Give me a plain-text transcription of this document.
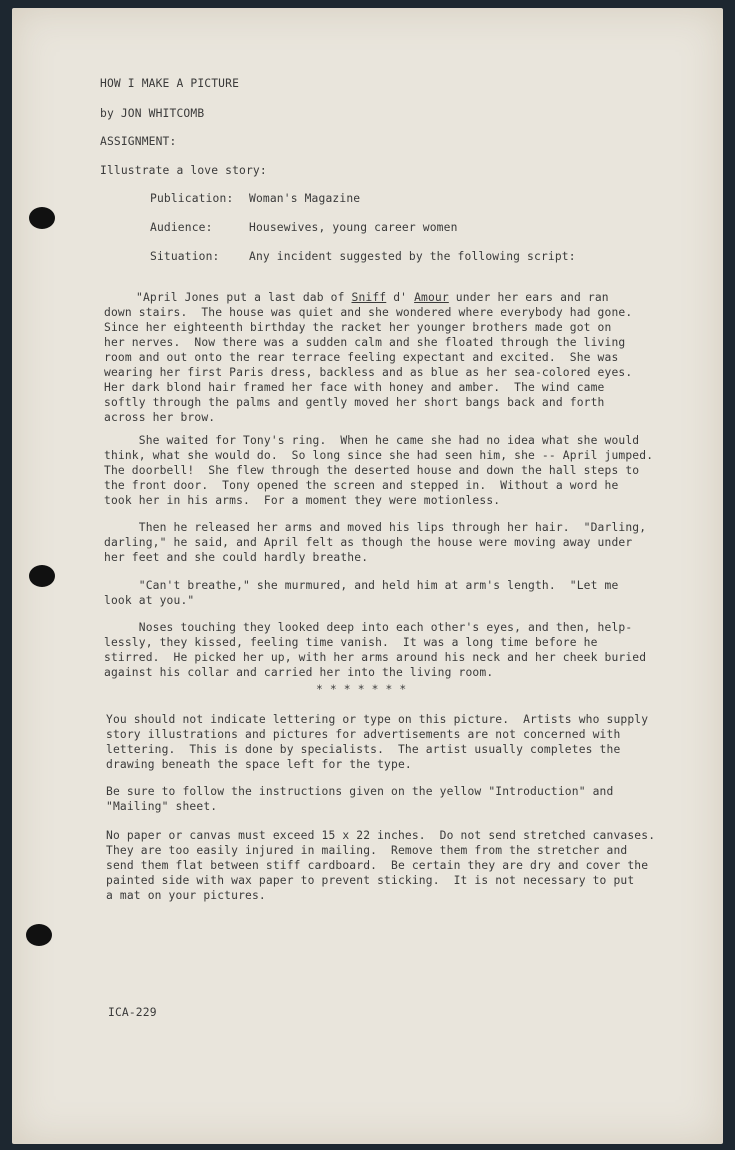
HOW I MAKE A PICTURE
by JON WHITCOMB
ASSIGNMENT:
Illustrate a love story:
Publication: Woman's Magazine
Audience:	Housewives, young career women
Situation:	Any incident suggested by the following script:
"April Jones put a last dab of Sniff d' Amour under her ears and ran
down stairs.  The house was quiet and she wondered where everybody had gone.
Since her eighteenth birthday the racket her younger brothers made got on
her nerves.  Now there was a sudden calm and she floated through the living
room and out onto the rear terrace feeling expectant and excited.  She was
wearing her first Paris dress, backless and as blue as her sea-colored eyes.
Her dark blond hair framed her face with honey and amber.  The wind came
softly through the palms and gently moved her short bangs back and forth
across her brow.
She waited for Tony's ring.  When he came she had no idea what she would
think, what she would do.  So long since she had seen him, she -- April jumped.
The doorbell!  She flew through the deserted house and down the hall steps to
the front door.  Tony opened the screen and stepped in.  Without a word he
took her in his arms.  For a moment they were motionless.
Then he released her arms and moved his lips through her hair.  "Darling,
darling," he said, and April felt as though the house were moving away under
her feet and she could hardly breathe.
"Can't breathe," she murmured, and held him at arm's length.  "Let me
look at you."
Noses touching they looked deep into each other's eyes, and then, help-
lessly, they kissed, feeling time vanish.  It was a long time before he
stirred.  He picked her up, with her arms around his neck and her cheek buried
against his collar and carried her into the living room.
* * * * * * *
You should not indicate lettering or type on this picture.  Artists who supply
story illustrations and pictures for advertisements are not concerned with
lettering.  This is done by specialists.  The artist usually completes the
drawing beneath the space left for the type.
Be sure to follow the instructions given on the yellow "Introduction" and
"Mailing" sheet.
No paper or canvas must exceed 15 x 22 inches.  Do not send stretched canvases.
They are too easily injured in mailing.  Remove them from the stretcher and
send them flat between stiff cardboard.  Be certain they are dry and cover the
painted side with wax paper to prevent sticking.  It is not necessary to put
a mat on your pictures.
ICA-229
